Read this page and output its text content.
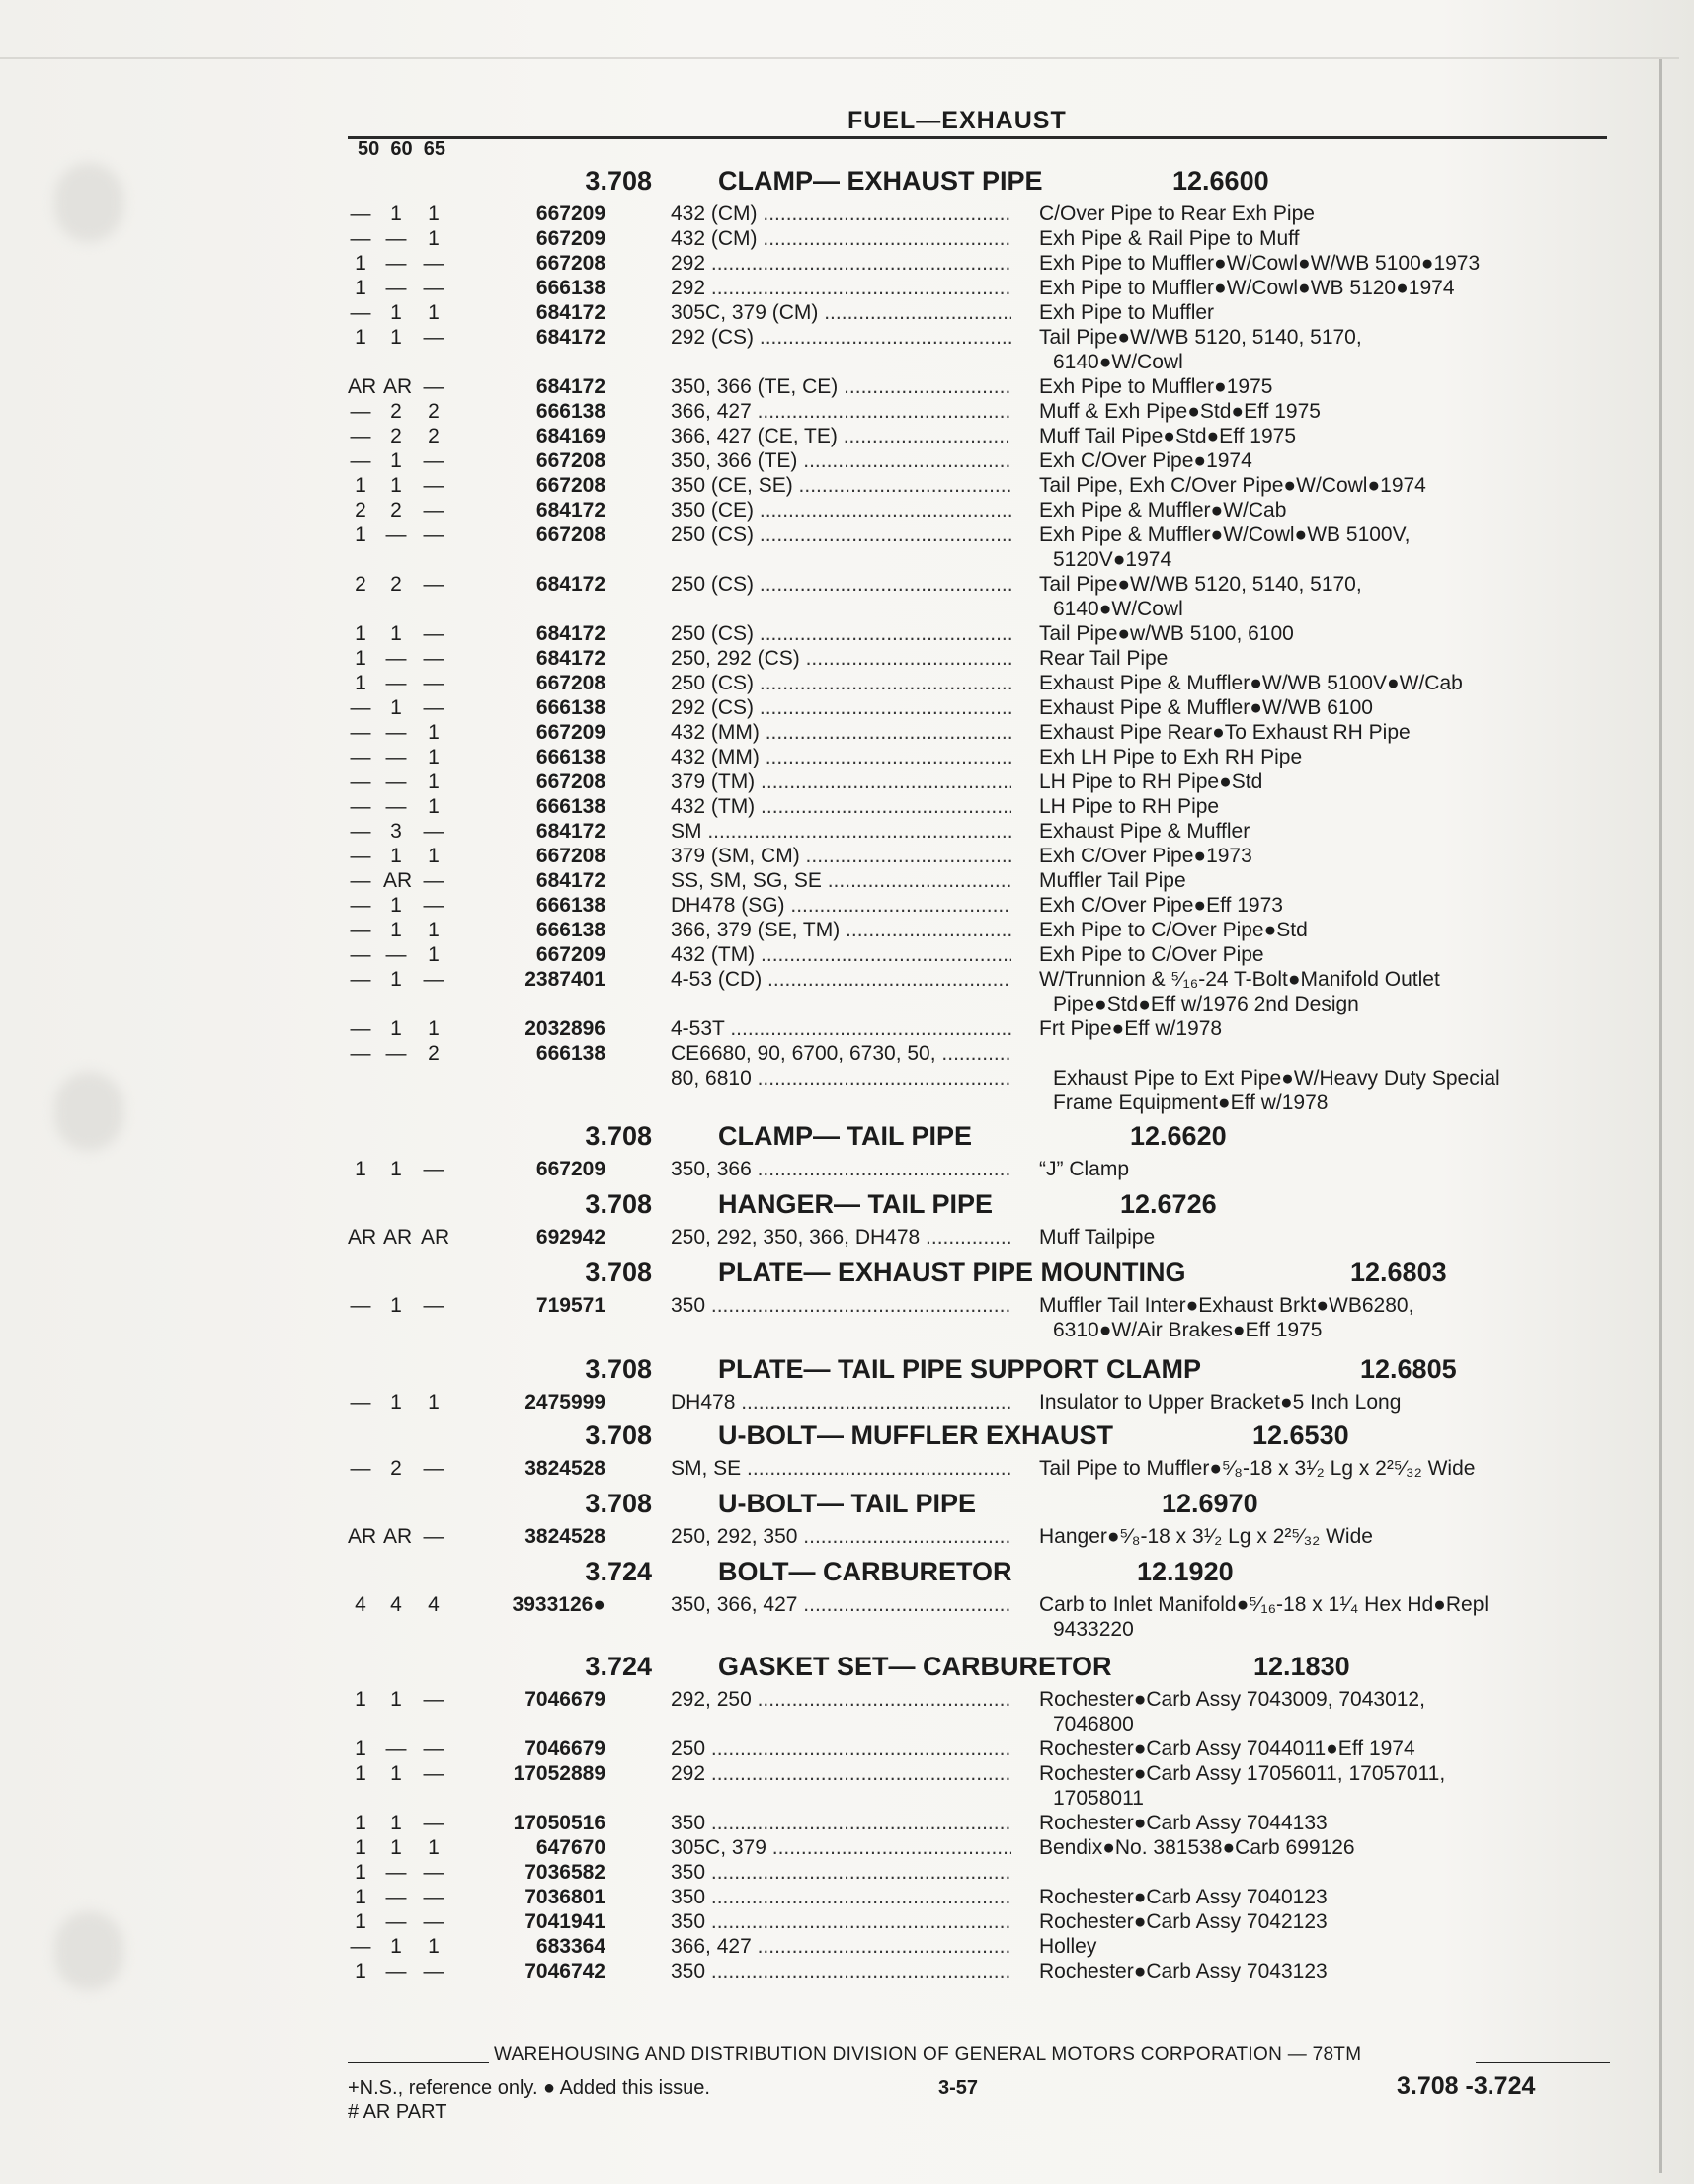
FUEL—EXHAUST
50 60 65
3.708 CLAMP— EXHAUST PIPE	12.6600
— 1	1	667209	432 (CM) .....	C/Over Pipe to Rear Exh Pipe
— —	1	667209	432 (CM) .....	Exh Pipe & Rail Pipe to Muff
1 — —	667208	292 .....	Exh Pipe to Muffler●W/Cowl●W/WB 5100●1973
1 — —	666138	292 .....	Exh Pipe to Muffler●W/Cowl●WB 5120●1974
— 1	1	684172	305C, 379 (CM) .....	Exh Pipe to Muffler
1	1	—	684172	292 (CS) .....	Tail Pipe●W/WB 5120, 5140, 5170,
6140●W/Cowl
AR AR —	684172	350, 366 (TE, CE) .....	Exh Pipe to Muffler●1975
— 2	2	666138	366, 427 .....	Muff & Exh Pipe●Std●Eff 1975
— 2	2	684169	366, 427 (CE, TE) .....	Muff Tail Pipe●Std●Eff 1975
— 1	—	667208	350, 366 (TE) .....	Exh C/Over Pipe●1974
1	1	—	667208	350 (CE, SE) .....	Tail Pipe, Exh C/Over Pipe●W/Cowl●1974
2	2	—	684172	350 (CE) .....	Exh Pipe & Muffler●W/Cab
1 — —	667208	250 (CS) .....	Exh Pipe & Muffler●W/Cowl●WB 5100V,
5120V●1974
2	2	—	684172	250 (CS) .....	Tail Pipe●W/WB 5120, 5140, 5170,
6140●W/Cowl
1	1	—	684172	250 (CS) .....	Tail Pipe●w/WB 5100, 6100
1 — —	684172	250, 292 (CS) .....	Rear Tail Pipe
1 — —	667208	250 (CS) .....	Exhaust Pipe & Muffler●W/WB 5100V●W/Cab
— 1	—	666138	292 (CS) .....	Exhaust Pipe & Muffler●W/WB 6100
— —	1	667209	432 (MM) .....	Exhaust Pipe Rear●To Exhaust RH Pipe
— —	1	666138	432 (MM) .....	Exh LH Pipe to Exh RH Pipe
— —	1	667208	379 (TM) .....	LH Pipe to RH Pipe●Std
— —	1	666138	432 (TM) .....	LH Pipe to RH Pipe
— 3	—	684172	SM .....	Exhaust Pipe & Muffler
— 1	1	667208	379 (SM, CM) .....	Exh C/Over Pipe●1973
— AR —	684172	SS, SM, SG, SE .....	Muffler Tail Pipe
— 1	—	666138	DH478 (SG) .....	Exh C/Over Pipe●Eff 1973
— 1	1	666138	366, 379 (SE, TM) .....	Exh Pipe to C/Over Pipe●Std
— —	1	667209	432 (TM) .....	Exh Pipe to C/Over Pipe
— 1	—	2387401	4-53 (CD) .....	W/Trunnion & ⁵⁄₁₆-24 T-Bolt●Manifold Outlet
Pipe●Std●Eff w/1976 2nd Design
— 1	1	2032896	4-53T .....	Frt Pipe●Eff w/1978
— —	2	666138	CE6680, 90, 6700, 6730, 50, .....
80, 6810 .....	Exhaust Pipe to Ext Pipe●W/Heavy Duty Special
Frame Equipment●Eff w/1978
3.708 CLAMP— TAIL PIPE	12.6620
1	1	—	667209	350, 366 .....	“J” Clamp
3.708 HANGER— TAIL PIPE	12.6726
AR AR AR	692942	250, 292, 350, 366, DH478 .....	Muff Tailpipe
3.708 PLATE— EXHAUST PIPE MOUNTING	12.6803
— 1	—	719571	350 .....	Muffler Tail Inter●Exhaust Brkt●WB6280,
6310●W/Air Brakes●Eff 1975
3.708 PLATE— TAIL PIPE SUPPORT CLAMP	12.6805
— 1	1	2475999	DH478 .....	Insulator to Upper Bracket●5 Inch Long
3.708 U-BOLT— MUFFLER EXHAUST	12.6530
— 2	—	3824528	SM, SE .....	Tail Pipe to Muffler●⁵⁄₈-18 x 3¹⁄₂ Lg x 2²⁵⁄₃₂ Wide
3.708 U-BOLT— TAIL PIPE	12.6970
AR AR —	3824528	250, 292, 350 .....	Hanger●⁵⁄₈-18 x 3¹⁄₂ Lg x 2²⁵⁄₃₂ Wide
3.724 BOLT— CARBURETOR	12.1920
4	4	4	3933126●	350, 366, 427 .....	Carb to Inlet Manifold●⁵⁄₁₆-18 x 1¹⁄₄ Hex Hd●Repl
9433220
3.724 GASKET SET— CARBURETOR	12.1830
1	1	—	7046679	292, 250 .....	Rochester●Carb Assy 7043009, 7043012,
7046800
1 — —	7046679	250 .....	Rochester●Carb Assy 7044011●Eff 1974
1	1	—	17052889	292 .....	Rochester●Carb Assy 17056011, 17057011,
17058011
1	1	—	17050516	350 .....	Rochester●Carb Assy 7044133
1	1	1	647670	305C, 379 .....	Bendix●No. 381538●Carb 699126
1 — —	7036582	350 .....
1 — —	7036801	350 .....	Rochester●Carb Assy 7040123
1 — —	7041941	350 .....	Rochester●Carb Assy 7042123
— 1	1	683364	366, 427 .....	Holley
1 — —	7046742	350 .....	Rochester●Carb Assy 7043123
WAREHOUSING AND DISTRIBUTION DIVISION OF GENERAL MOTORS CORPORATION — 78TM
+N.S., reference only. ● Added this issue.
# AR PART
3-57	3.708 -3.724
